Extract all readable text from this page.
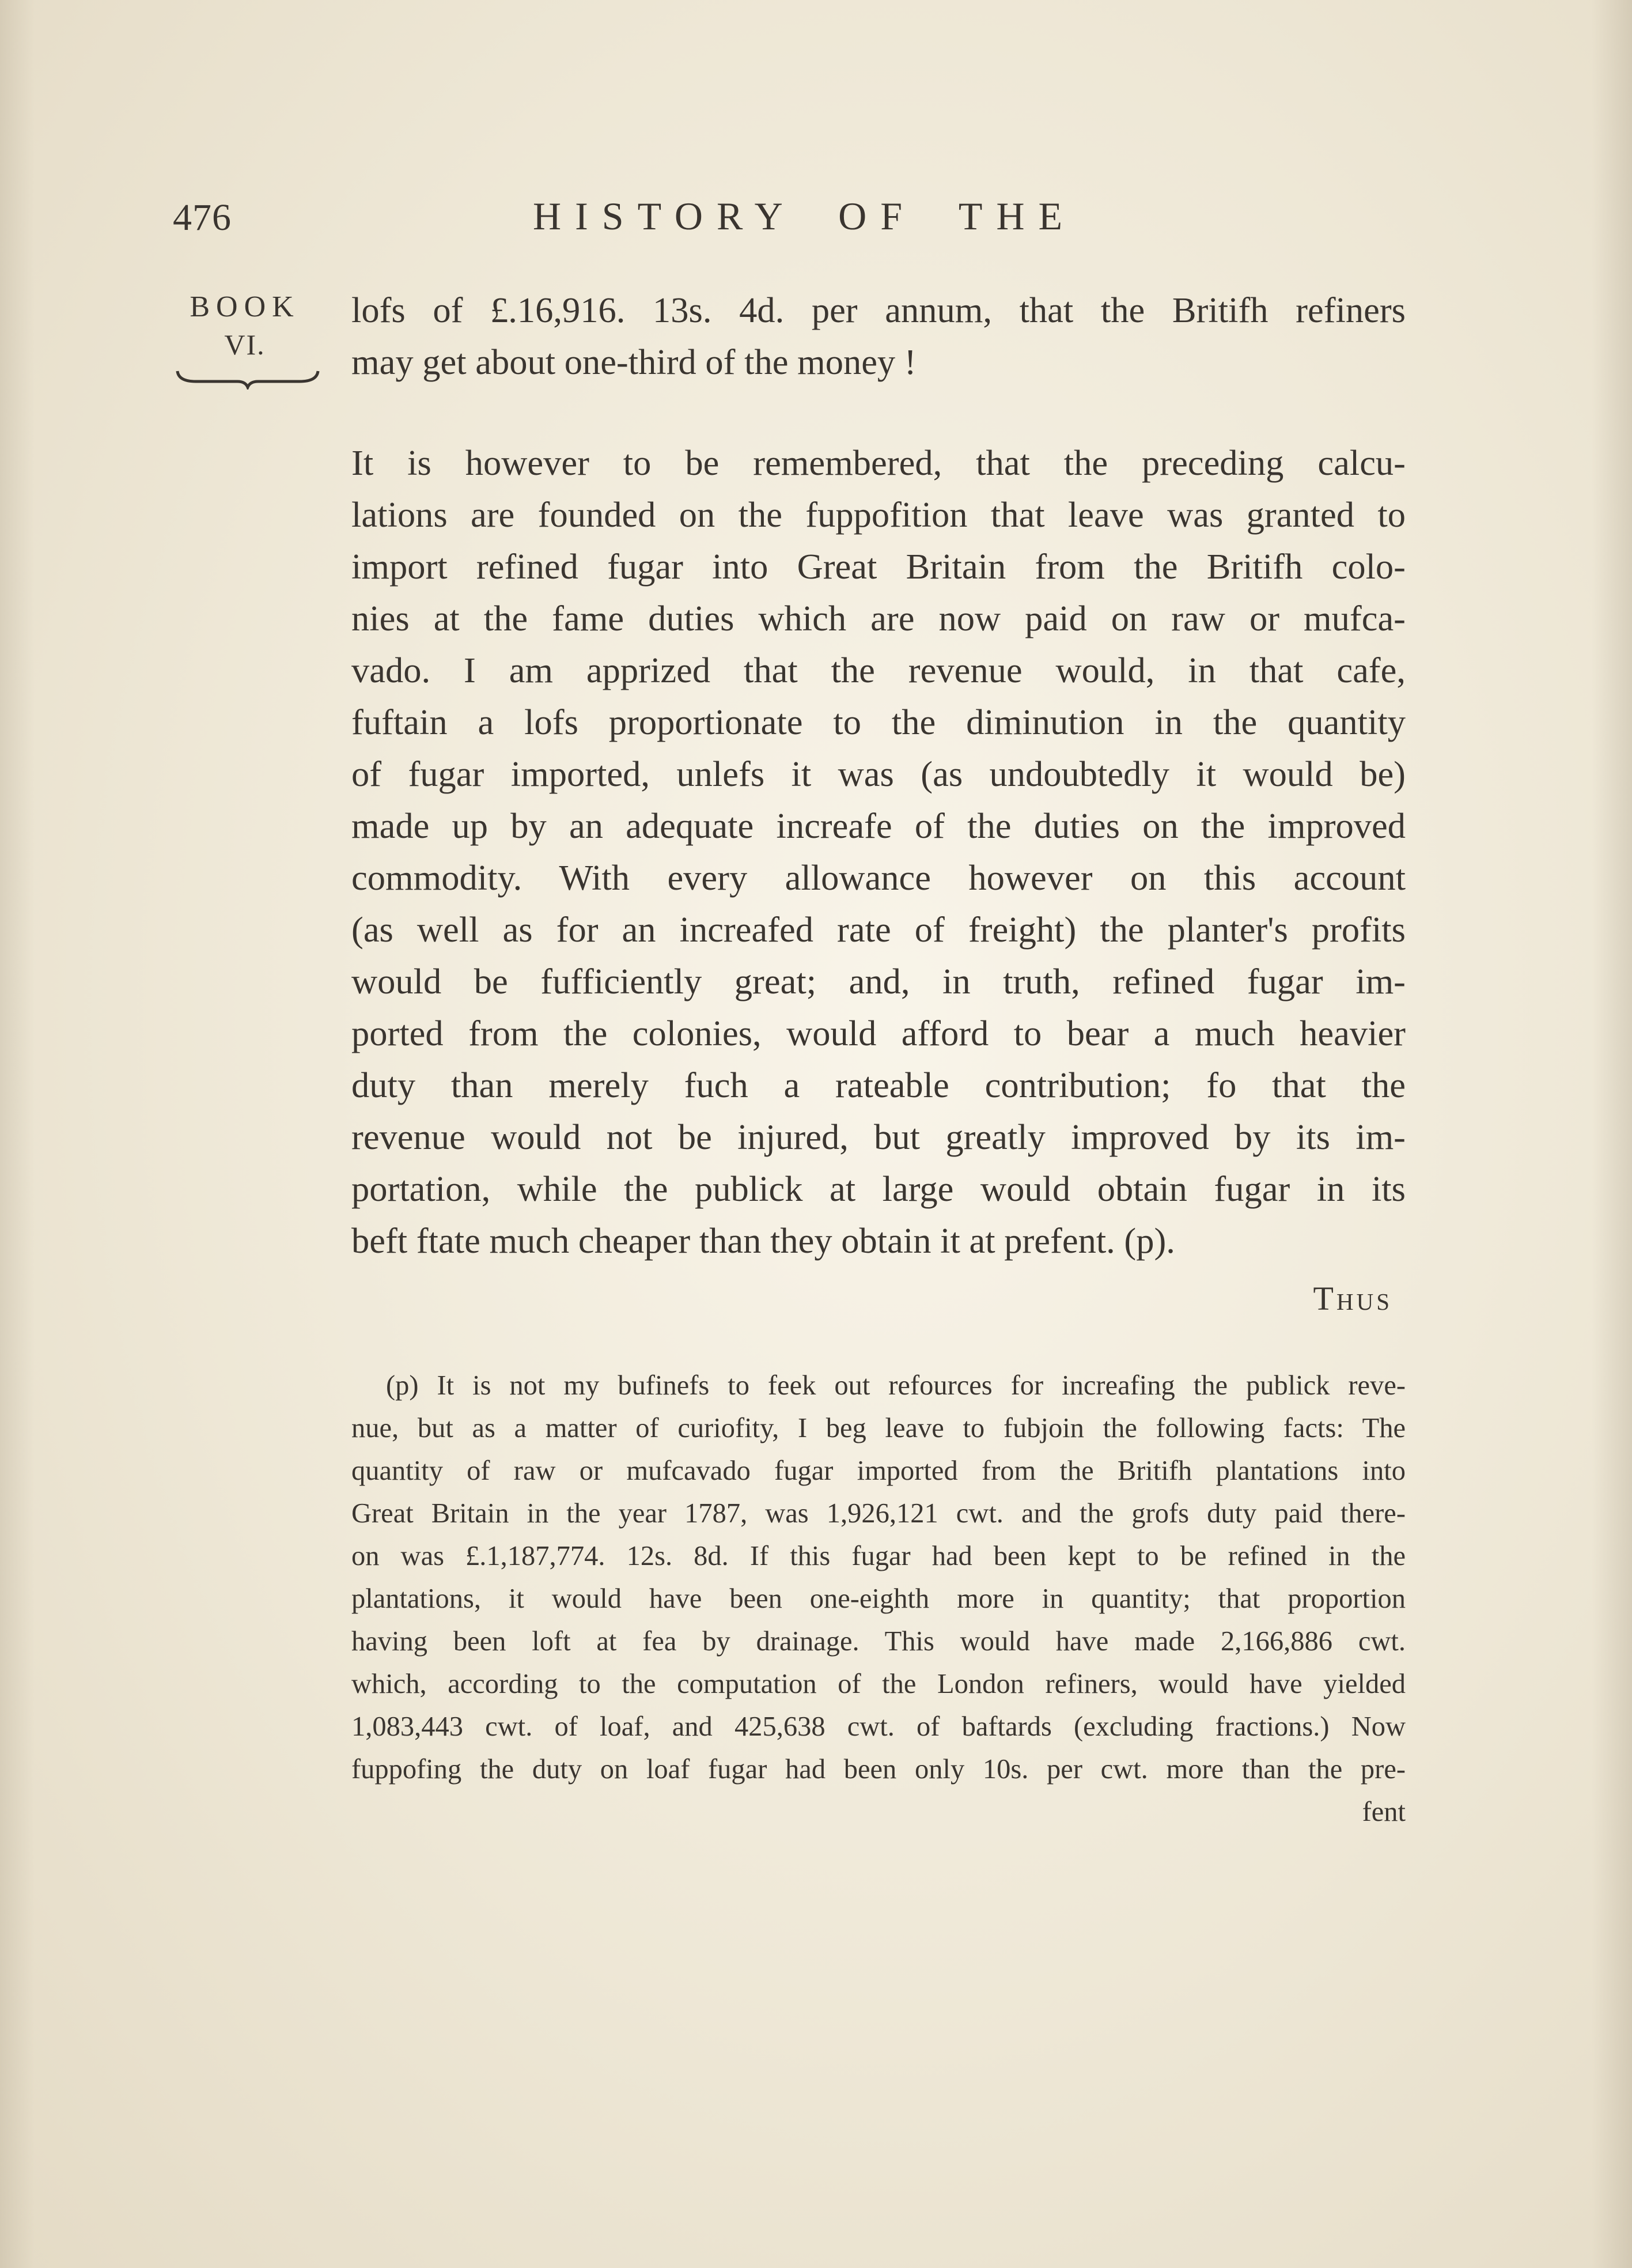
476	HISTORY OF THE
BOOK
VI.
lofs of £.16,916. 13s. 4d. per annum, that the Britifh refiners
may get about one-third of the money !
It is however to be remembered, that the preceding calcu-
lations are founded on the fuppofition that leave was granted to
import refined fugar into Great Britain from the Britifh colo-
nies at the fame duties which are now paid on raw or mufca-
vado. I am apprized that the revenue would, in that cafe,
fuftain a lofs proportionate to the diminution in the quantity
of fugar imported, unlefs it was (as undoubtedly it would be)
made up by an adequate increafe of the duties on the improved
commodity. With every allowance however on this account
(as well as for an increafed rate of freight) the planter's profits
would be fufficiently great; and, in truth, refined fugar im-
ported from the colonies, would afford to bear a much heavier
duty than merely fuch a rateable contribution; fo that the
revenue would not be injured, but greatly improved by its im-
portation, while the publick at large would obtain fugar in its
beft ftate much cheaper than they obtain it at prefent. (p).
Thus
(p) It is not my bufinefs to feek out refources for increafing the publick reve-
nue, but as a matter of curiofity, I beg leave to fubjoin the following facts: The
quantity of raw or mufcavado fugar imported from the Britifh plantations into
Great Britain in the year 1787, was 1,926,121 cwt. and the grofs duty paid there-
on was £.1,187,774. 12s. 8d. If this fugar had been kept to be refined in the
plantations, it would have been one-eighth more in quantity; that proportion
having been loft at fea by drainage. This would have made 2,166,886 cwt.
which, according to the computation of the London refiners, would have yielded
1,083,443 cwt. of loaf, and 425,638 cwt. of baftards (excluding fractions.) Now
fuppofing the duty on loaf fugar had been only 10s. per cwt. more than the pre-
fent
